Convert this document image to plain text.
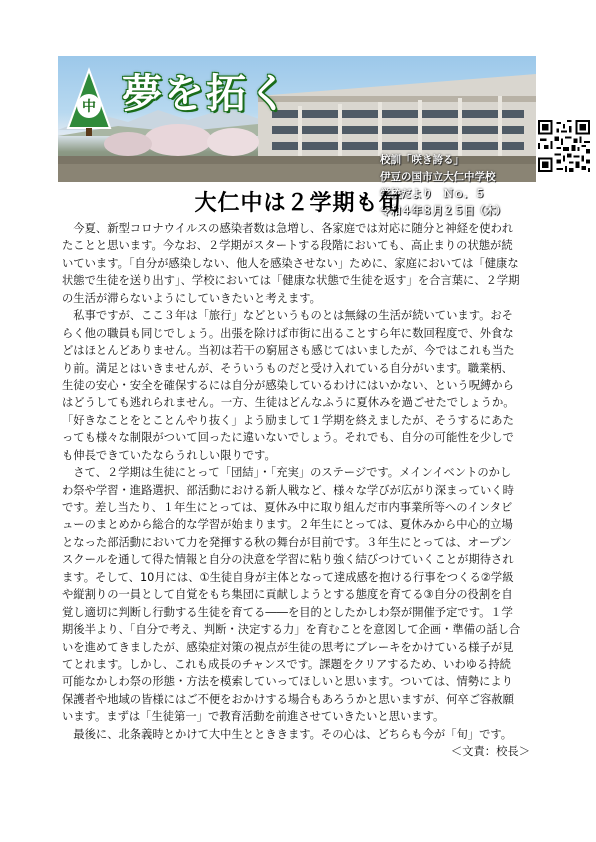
中 夢を拓く
校訓「咲き誇る」
伊豆の国市立大仁中学校
学校だより　Ｎｏ．５
令和４年８月２５日（木）
大仁中は２学期も旬
　今夏、新型コロナウイルスの感染者数は急増し、各家庭では対応に随分と神経を使われ
たことと思います。今なお、２学期がスタートする段階においても、高止まりの状態が続
いています。「自分が感染しない、他人を感染させない」ために、家庭においては「健康な
状態で生徒を送り出す」、学校においては「健康な状態で生徒を返す」を合言葉に、２学期
の生活が滞らないようにしていきたいと考えます。
　私事ですが、ここ３年は「旅行」などというものとは無縁の生活が続いています。おそ
らく他の職員も同じでしょう。出張を除けば市街に出ることすら年に数回程度で、外食な
どはほとんどありません。当初は若干の窮屈さも感じてはいましたが、今ではこれも当た
り前。満足とはいきませんが、そういうものだと受け入れている自分がいます。職業柄、
生徒の安心・安全を確保するには自分が感染しているわけにはいかない、という呪縛から
はどうしても逃れられません。一方、生徒はどんなふうに夏休みを過ごせたでしょうか。
「好きなことをとことんやり抜く」よう励まして１学期を終えましたが、そうするにあた
っても様々な制限がついて回ったに違いないでしょう。それでも、自分の可能性を少しで
も伸長できていたならうれしい限りです。
　さて、２学期は生徒にとって「団結」・「充実」のステージです。メインイベントのかし
わ祭や学習・進路選択、部活動における新人戦など、様々な学びが広がり深まっていく時
です。差し当たり、１年生にとっては、夏休み中に取り組んだ市内事業所等へのインタビ
ューのまとめから総合的な学習が始まります。２年生にとっては、夏休みから中心的立場
となった部活動において力を発揮する秋の舞台が目前です。３年生にとっては、オープン
スクールを通して得た情報と自分の決意を学習に粘り強く結びつけていくことが期待され
ます。そして、10月には、①生徒自身が主体となって達成感を抱ける行事をつくる②学級
や縦割りの一員として自覚をもち集団に貢献しようとする態度を育てる③自分の役割を自
覚し適切に判断し行動する生徒を育てる――を目的としたかしわ祭が開催予定です。１学
期後半より、「自分で考え、判断・決定する力」を育むことを意図して企画・準備の話し合
いを進めてきましたが、感染症対策の視点が生徒の思考にブレーキをかけている様子が見
てとれます。しかし、これも成長のチャンスです。課題をクリアするため、いわゆる持続
可能なかしわ祭の形態・方法を模索していってほしいと思います。ついては、情勢により
保護者や地域の皆様にはご不便をおかけする場合もあろうかと思いますが、何卒ご容赦願
います。まずは「生徒第一」で教育活動を前進させていきたいと思います。
　最後に、北条義時とかけて大中生ととききます。その心は、どちらも今が「旬」です。
＜文責：校長＞
